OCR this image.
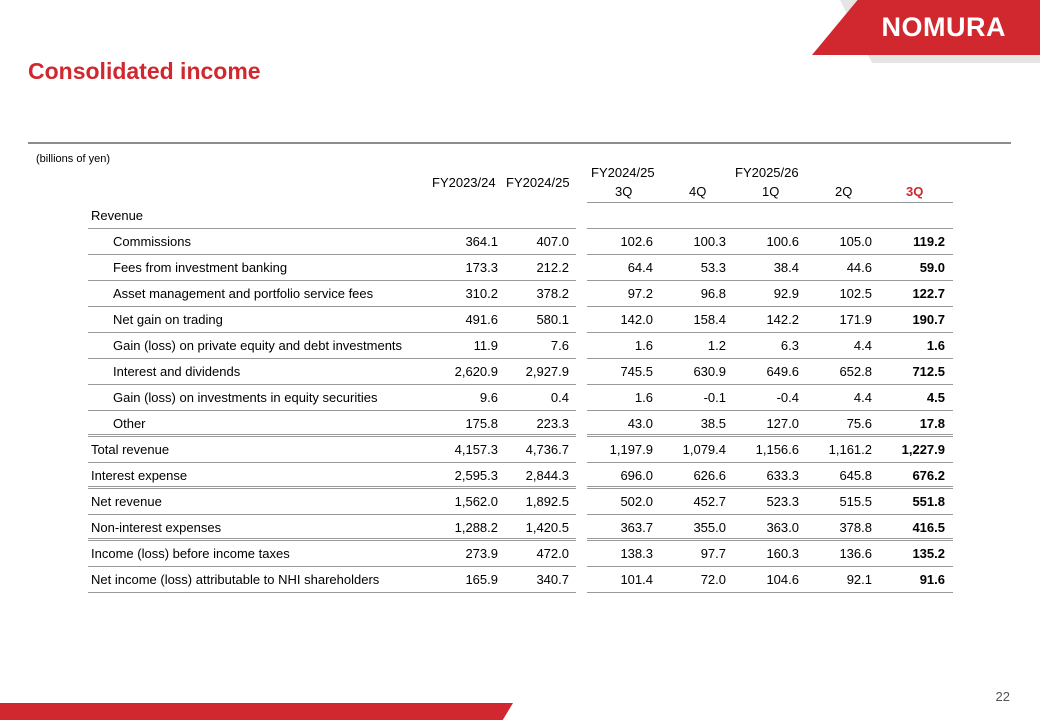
NOMURA
Consolidated income
(billions of yen)
FY2023/24 FY2024/25
FY2024/25	FY2025/26
3Q	4Q	1Q	2Q	3Q
Revenue
Commissions	364.1	407.0	102.6	100.3	100.6	105.0	119.2
Fees from investment banking	173.3	212.2	64.4	53.3	38.4	44.6	59.0
Asset management and portfolio service fees	310.2	378.2	97.2	96.8	92.9	102.5	122.7
Net gain on trading	491.6	580.1	142.0	158.4	142.2	171.9	190.7
Gain (loss) on private equity and debt investments	11.9	7.6	1.6	1.2	6.3	4.4	1.6
Interest and dividends	2,620.9	2,927.9	745.5	630.9	649.6	652.8	712.5
Gain (loss) on investments in equity securities	9.6	0.4	1.6	-0.1	-0.4	4.4	4.5
Other	175.8	223.3	43.0	38.5	127.0	75.6	17.8
Total revenue	4,157.3	4,736.7	1,197.9	1,079.4	1,156.6	1,161.2	1,227.9
Interest expense	2,595.3	2,844.3	696.0	626.6	633.3	645.8	676.2
Net revenue	1,562.0	1,892.5	502.0	452.7	523.3	515.5	551.8
Non-interest expenses	1,288.2	1,420.5	363.7	355.0	363.0	378.8	416.5
Income (loss) before income taxes	273.9	472.0	138.3	97.7	160.3	136.6	135.2
Net income (loss) attributable to NHI shareholders	165.9	340.7	101.4	72.0	104.6	92.1	91.6
22
